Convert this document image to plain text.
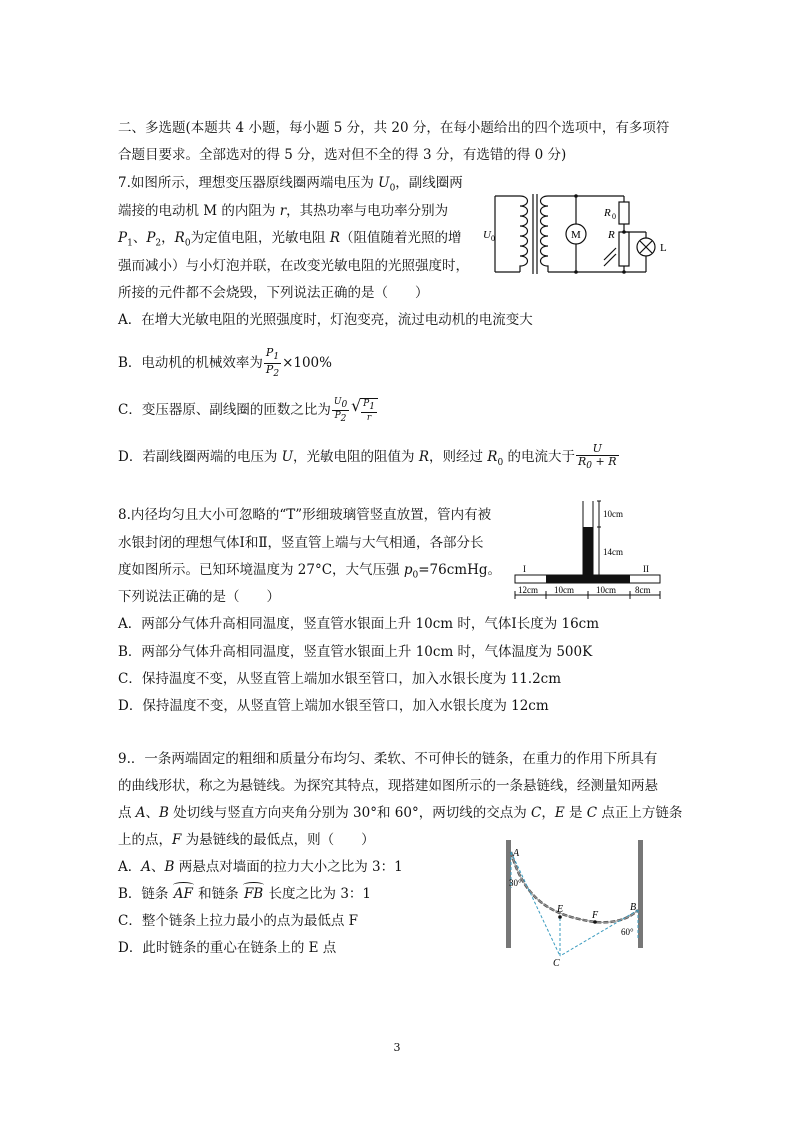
二、多选题(本题共 4 小题，每小题 5 分，共 20 分，在每小题给出的四个选项中，有多项符
合题目要求。全部选对的得 5 分，选对但不全的得 3 分，有选错的得 0 分)
7.如图所示，理想变压器原线圈两端电压为 $U_0$，副线圈两
端接的电动机 M 的内阻为 r，其热功率与电功率分别为
$P_1$、$P_2$，$R_0$为定值电阻，光敏电阻 R（阻值随着光照的增
强而减小）与小灯泡并联，在改变光敏电阻的光照强度时，
所接的元件都不会烧毁，下列说法正确的是（　　）
A．在增大光敏电阻的光照强度时，灯泡变亮，流过电动机的电流变大
B．电动机的机械效率为 $\frac{P_1}{P_2} \times 100\%$
C．变压器原、副线圈的匝数之比为 $\frac{U_0}{P_2}$
√ $\frac{P_1}{r}$
D．若副线圈两端的电压为 U，光敏电阻的阻值为 R，则经过 $R_0$ 的电流大于 $\frac{U}{R_0 + R}$
U 0	M
R 0
R
L
8.内径均匀且大小可忽略的“T”形细玻璃管竖直放置，管内有被
水银封闭的理想气体Ⅰ和Ⅱ，竖直管上端与大气相通，各部分长
度如图所示。已知环境温度为 27°C，大气压强 $p_0=76cmHg$。
下列说法正确的是（　　）
A．两部分气体升高相同温度，竖直管水银面上升 10cm 时，气体Ⅰ长度为 16cm
B．两部分气体升高相同温度，竖直管水银面上升 10cm 时，气体温度为 500K
C．保持温度不变，从竖直管上端加水银至管口，加入水银长度为 11.2cm
D．保持温度不变，从竖直管上端加水银至管口，加入水银长度为 12cm
10cm
14cm
I	II
12cm 10cm 10cm 8cm
9.．一条两端固定的粗细和质量分布均匀、柔软、不可伸长的链条，在重力的作用下所具有
的曲线形状，称之为悬链线。为探究其特点，现搭建如图所示的一条悬链线，经测量知两悬
点 A、B 处切线与竖直方向夹角分别为 30°和 60°，两切线的交点为 C，E 是 C 点正上方链条
上的点，F 为悬链线的最低点，则（　　）
A．A、B 两悬点对墙面的拉力大小之比为 3：1
B．链条 AF 和链条 FB 长度之比为 3：1
C．整个链条上拉力最小的点为最低点 F
D．此时链条的重心在链条上的 E 点
A
30°
E
F
B
60°
C
3
